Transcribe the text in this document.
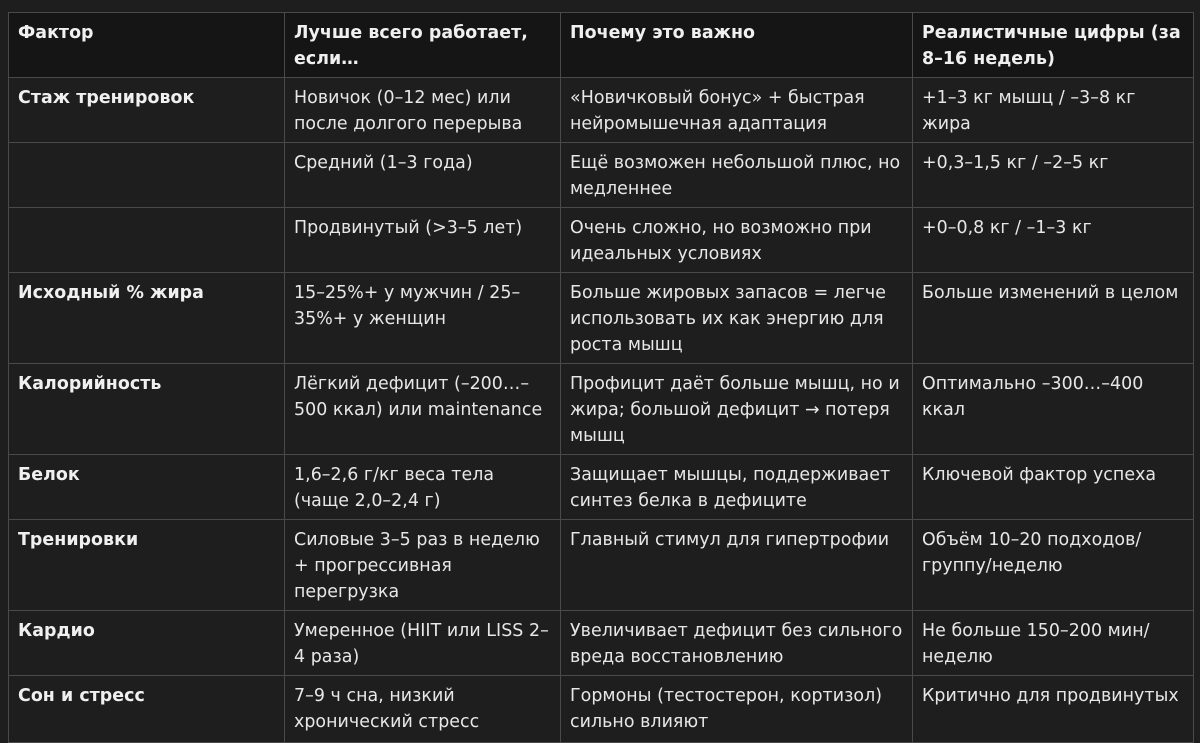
Фактор	Лучше всего работает, если…	Почему это важно	Реалистичные цифры (за 8–16 недель)
Стаж тренировок	Новичок (0–12 мес) или после долгого перерыва	«Новичковый бонус» + быстрая нейромышечная адаптация	+1–3 кг мышц / –3–8 кг жира
	Средний (1–3 года)	Ещё возможен небольшой плюс, но медленнее	+0,3–1,5 кг / –2–5 кг
	Продвинутый (>3–5 лет)	Очень сложно, но возможно при идеальных условиях	+0–0,8 кг / –1–3 кг
Исходный % жира	15–25%+ у мужчин / 25–35%+ у женщин	Больше жировых запасов = легче использовать их как энергию для роста мышц	Больше изменений в целом
Калорийность	Лёгкий дефицит (–200…–500 ккал) или maintenance	Профицит даёт больше мышц, но и жира; большой дефицит → потеря мышц	Оптимально –300…–400 ккал
Белок	1,6–2,6 г/кг веса тела (чаще 2,0–2,4 г)	Защищает мышцы, поддерживает синтез белка в дефиците	Ключевой фактор успеха
Тренировки	Силовые 3–5 раз в неделю + прогрессивная перегрузка	Главный стимул для гипертрофии	Объём 10–20 подходов/группу/неделю
Кардио	Умеренное (HIIT или LISS 2–4 раза)	Увеличивает дефицит без сильного вреда восстановлению	Не больше 150–200 мин/неделю
Сон и стресс	7–9 ч сна, низкий хронический стресс	Гормоны (тестостерон, кортизол) сильно влияют	Критично для продвинутых
